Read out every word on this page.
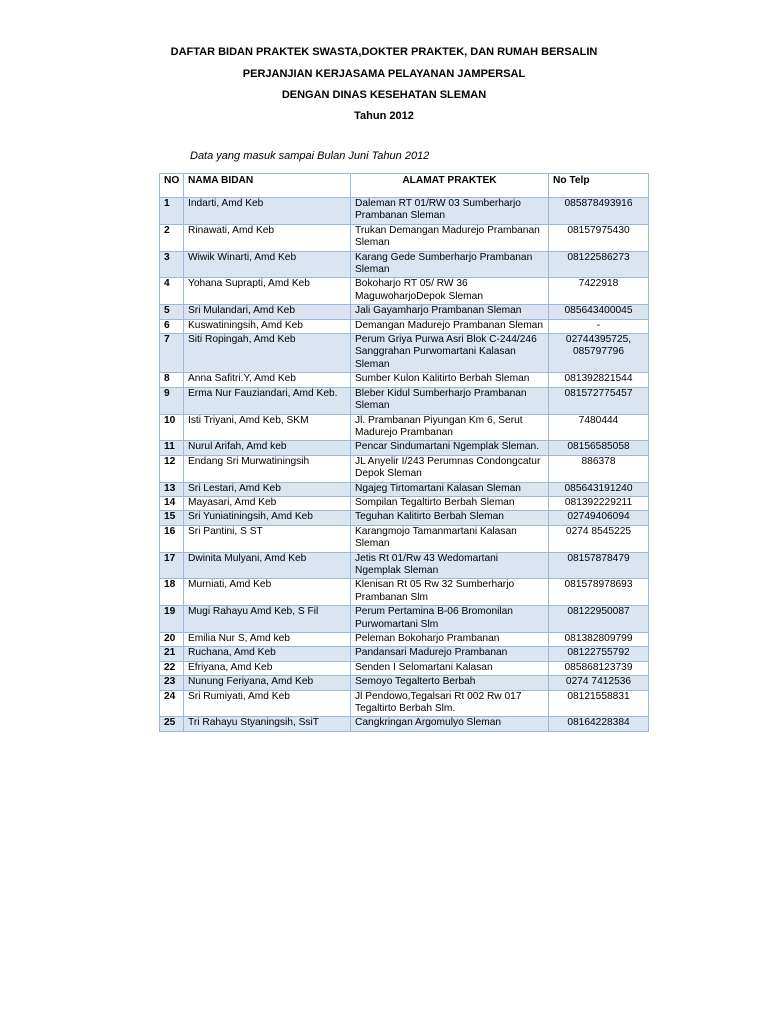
DAFTAR BIDAN PRAKTEK SWASTA,DOKTER PRAKTEK, DAN RUMAH BERSALIN
PERJANJIAN KERJASAMA PELAYANAN JAMPERSAL
DENGAN DINAS KESEHATAN SLEMAN
Tahun 2012
Data yang masuk sampai Bulan Juni Tahun 2012
NO	NAMA BIDAN	ALAMAT PRAKTEK	No Telp
1	Indarti, Amd Keb	Daleman RT 01/RW 03 Sumberharjo Prambanan Sleman	085878493916
2	Rinawati, Amd Keb	Trukan Demangan Madurejo Prambanan Sleman	08157975430
3	Wiwik Winarti, Amd Keb	Karang Gede Sumberharjo Prambanan Sleman	08122586273
4	Yohana Suprapti, Amd Keb	Bokoharjo RT 05/ RW 36 MaguwoharjoDepok Sleman	7422918
5	Sri Mulandari, Amd Keb	Jali Gayamharjo Prambanan Sleman	085643400045
6	Kuswatiningsih, Amd Keb	Demangan Madurejo Prambanan Sleman	-
7	Siti Ropingah, Amd Keb	Perum Griya Purwa Asri Blok C-244/246 Sanggrahan Purwomartani Kalasan Sleman	02744395725, 085797796
8	Anna Safitri.Y, Amd Keb	Sumber Kulon Kalitirto Berbah Sleman	081392821544
9	Erma Nur Fauziandari, Amd Keb.	Bleber Kidul Sumberharjo Prambanan Sleman	081572775457
10	Isti Triyani, Amd Keb, SKM	Jl. Prambanan Piyungan Km 6, Serut Madurejo Prambanan	7480444
11	Nurul Arifah, Amd keb	Pencar Sindumartani Ngemplak Sleman.	08156585058
12	Endang Sri Murwatiningsih	JL Anyelir I/243 Perumnas Condongcatur Depok Sleman	886378
13	Sri Lestari, Amd Keb	Ngajeg Tirtomartani Kalasan Sleman	085643191240
14	Mayasari, Amd Keb	Sompilan Tegaltirto Berbah Sleman	081392229211
15	Sri Yuniatiningsih, Amd Keb	Teguhan Kalitirto Berbah Sleman	02749406094
16	Sri Pantini, S ST	Karangmojo Tamanmartani Kalasan Sleman	0274 8545225
17	Dwinita Mulyani, Amd Keb	Jetis Rt 01/Rw 43 Wedomartani Ngemplak Sleman	08157878479
18	Murniati, Amd Keb	Klenisan Rt 05 Rw 32 Sumberharjo Prambanan Slm	081578978693
19	Mugi Rahayu Amd Keb, S Fil	Perum Pertamina B-06 Bromonilan Purwomartani Slm	08122950087
20	Emilia Nur S, Amd keb	Peleman Bokoharjo Prambanan	081382809799
21	Ruchana, Amd Keb	Pandansari Madurejo Prambanan	08122755792
22	Efriyana, Amd Keb	Senden I Selomartani Kalasan	085868123739
23	Nunung Feriyana, Amd Keb	Semoyo Tegalterto Berbah	0274 7412536
24	Sri Rumiyati, Amd Keb	Jl Pendowo,Tegalsari Rt 002 Rw 017 Tegaltirto Berbah Slm.	08121558831
25	Tri Rahayu Styaningsih, SsiT	Cangkringan Argomulyo Sleman	08164228384
